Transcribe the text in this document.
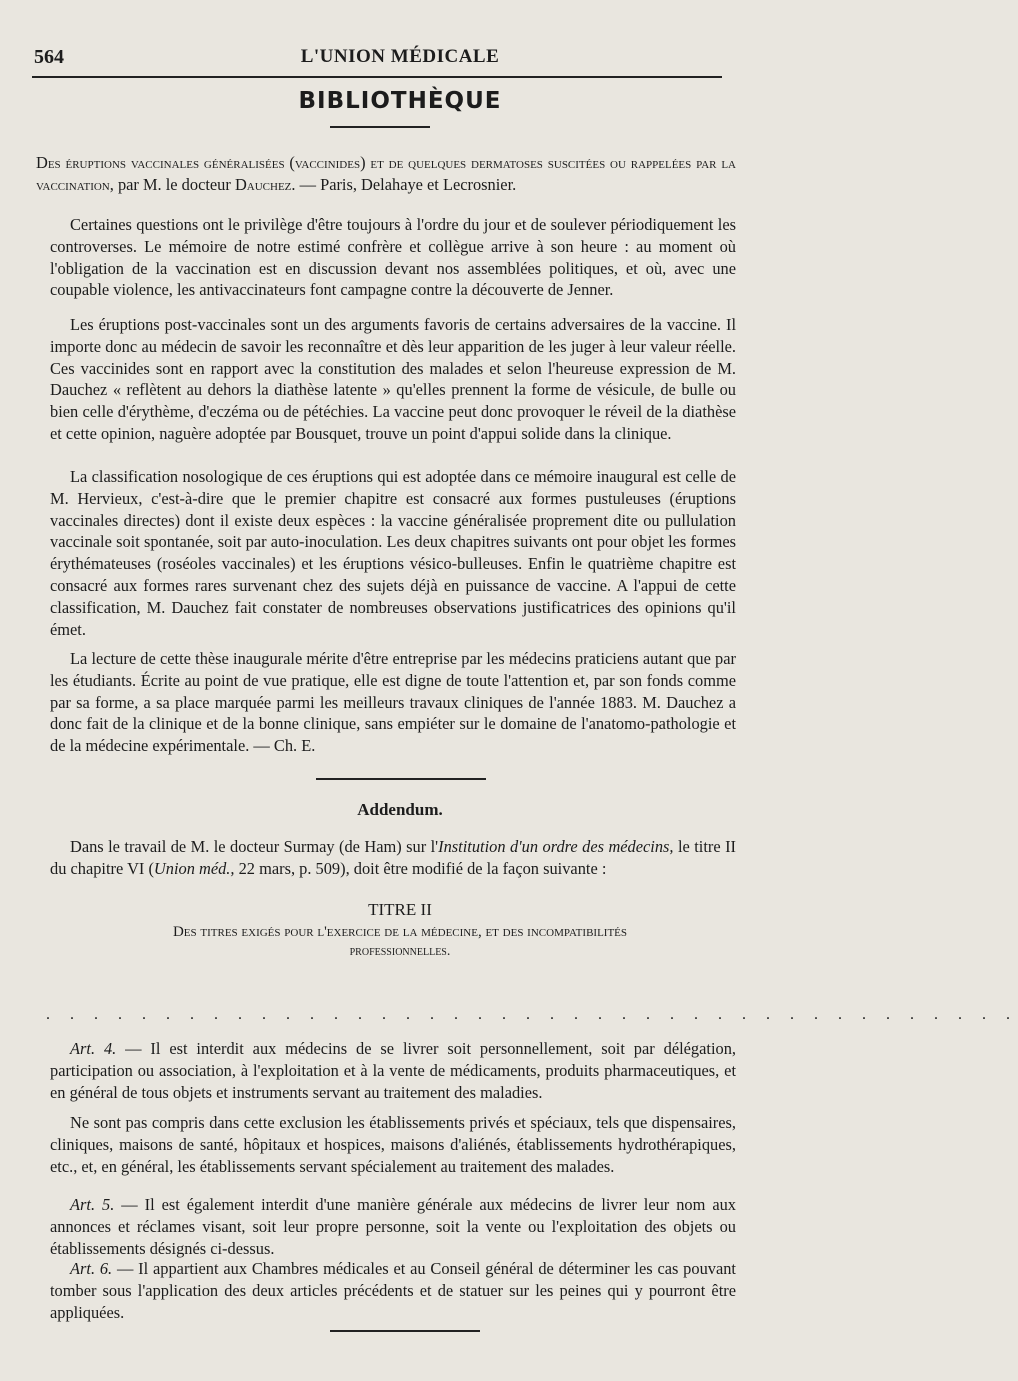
564	L'UNION MÉDICALE
BIBLIOTHÈQUE

Des éruptions vaccinales généralisées (vaccinides) et de quelques dermatoses suscitées ou rappelées par la vaccination, par M. le docteur Dauchez. — Paris, Delahaye et Lecrosnier.

Certaines questions ont le privilège d'être toujours à l'ordre du jour et de soulever périodiquement les controverses. Le mémoire de notre estimé confrère et collègue arrive à son heure : au moment où l'obligation de la vaccination est en discussion devant nos assemblées politiques, et où, avec une coupable violence, les antivaccinateurs font campagne contre la découverte de Jenner.

Les éruptions post-vaccinales sont un des arguments favoris de certains adversaires de la vaccine. Il importe donc au médecin de savoir les reconnaître et dès leur apparition de les juger à leur valeur réelle. Ces vaccinides sont en rapport avec la constitution des malades et selon l'heureuse expression de M. Dauchez « reflètent au dehors la diathèse latente » qu'elles prennent la forme de vésicule, de bulle ou bien celle d'érythème, d'eczéma ou de pétéchies. La vaccine peut donc provoquer le réveil de la diathèse et cette opinion, naguère adoptée par Bousquet, trouve un point d'appui solide dans la clinique.

La classification nosologique de ces éruptions qui est adoptée dans ce mémoire inaugural est celle de M. Hervieux, c'est-à-dire que le premier chapitre est consacré aux formes pustuleuses (éruptions vaccinales directes) dont il existe deux espèces : la vaccine généralisée proprement dite ou pullulation vaccinale soit spontanée, soit par auto-inoculation. Les deux chapitres suivants ont pour objet les formes érythémateuses (roséoles vaccinales) et les éruptions vésico-bulleuses. Enfin le quatrième chapitre est consacré aux formes rares survenant chez des sujets déjà en puissance de vaccine. A l'appui de cette classification, M. Dauchez fait constater de nombreuses observations justificatrices des opinions qu'il émet.

La lecture de cette thèse inaugurale mérite d'être entreprise par les médecins praticiens autant que par les étudiants. Écrite au point de vue pratique, elle est digne de toute l'attention et, par son fonds comme par sa forme, a sa place marquée parmi les meilleurs travaux cliniques de l'année 1883. M. Dauchez a donc fait de la clinique et de la bonne clinique, sans empiéter sur le domaine de l'anatomo-pathologie et de la médecine expérimentale. — Ch. E.

Addendum.

Dans le travail de M. le docteur Surmay (de Ham) sur l'Institution d'un ordre des médecins, le titre II du chapitre VI (Union méd., 22 mars, p. 509), doit être modifié de la façon suivante :

TITRE II
Des titres exigés pour l'exercice de la médecine, et des incompatibilités
professionnelles.
. . . . . . . . . . . . . . . . . . . . . . . . . . . . . . . . . . . . . . . . .

Art. 4. — Il est interdit aux médecins de se livrer soit personnellement, soit par délégation, participation ou association, à l'exploitation et à la vente de médicaments, produits pharmaceutiques, et en général de tous objets et instruments servant au traitement des maladies.

Ne sont pas compris dans cette exclusion les établissements privés et spéciaux, tels que dispensaires, cliniques, maisons de santé, hôpitaux et hospices, maisons d'aliénés, établissements hydrothérapiques, etc., et, en général, les établissements servant spécialement au traitement des malades.

Art. 5. — Il est également interdit d'une manière générale aux médecins de livrer leur nom aux annonces et réclames visant, soit leur propre personne, soit la vente ou l'exploitation des objets ou établissements désignés ci-dessus.

Art. 6. — Il appartient aux Chambres médicales et au Conseil général de déterminer les cas pouvant tomber sous l'application des deux articles précédents et de statuer sur les peines qui y pourront être appliquées.
